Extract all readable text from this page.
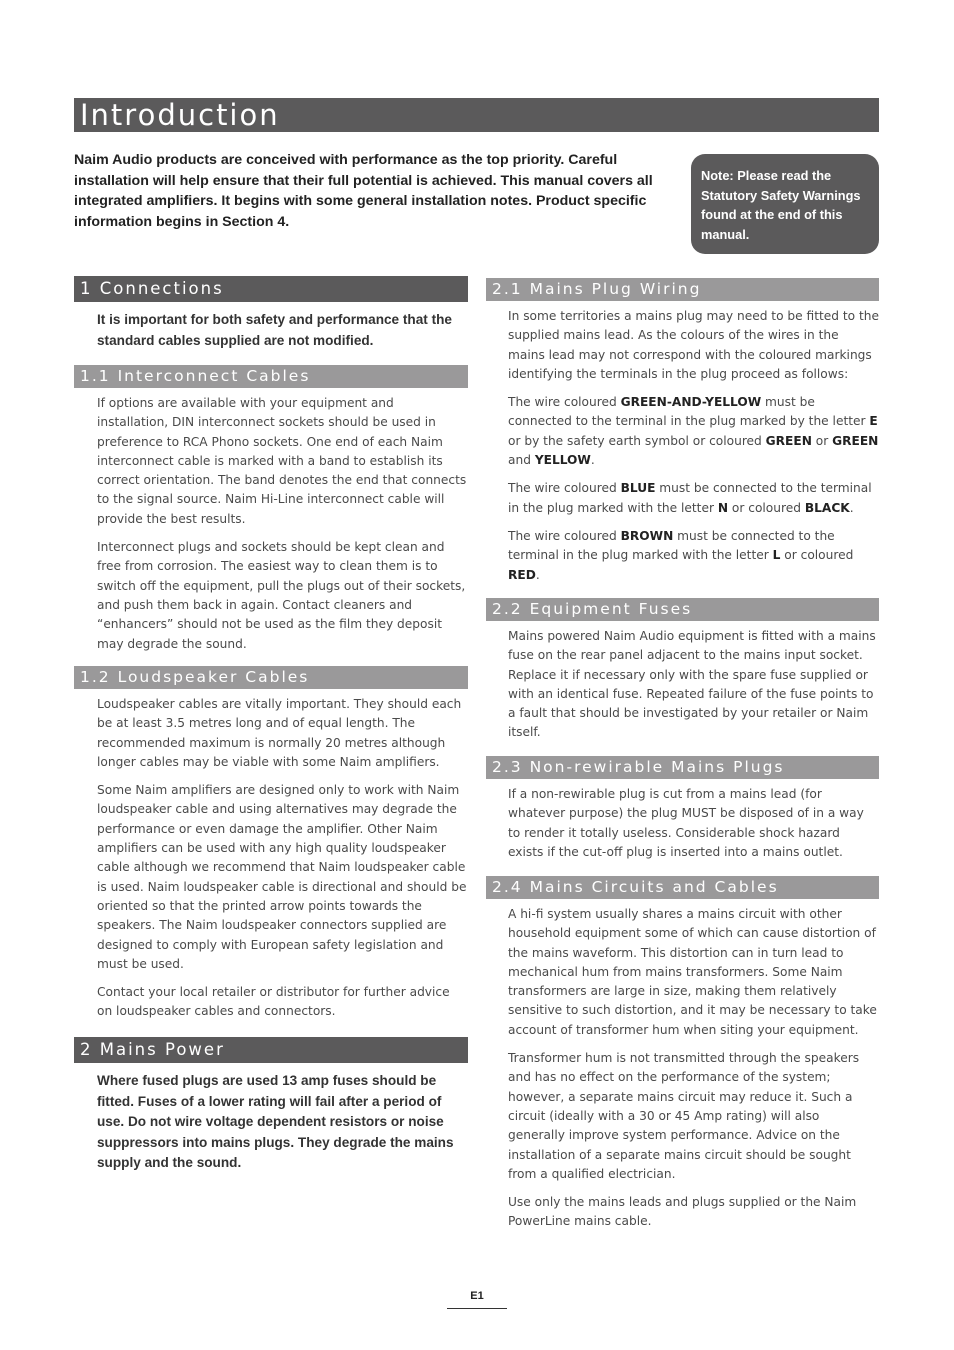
Introduction

Naim Audio products are conceived with performance as the top priority. Careful installation will help ensure that their full potential is achieved. This manual covers all integrated amplifiers. It begins with some general installation notes. Product specific information begins in Section 4.

Note: Please read the Statutory Safety Warnings found at the end of this manual.
1 Connections

It is important for both safety and performance that the standard cables supplied are not modified.

1.1 Interconnect Cables

If options are available with your equipment and installation, DIN interconnect sockets should be used in preference to RCA Phono sockets. One end of each Naim interconnect cable is marked with a band to establish its correct orientation. The band denotes the end that connects to the signal source. Naim Hi-Line interconnect cable will provide the best results.

Interconnect plugs and sockets should be kept clean and free from corrosion. The easiest way to clean them is to switch off the equipment, pull the plugs out of their sockets, and push them back in again. Contact cleaners and “enhancers” should not be used as the film they deposit may degrade the sound.

1.2 Loudspeaker Cables

Loudspeaker cables are vitally important. They should each be at least 3.5 metres long and of equal length. The recommended maximum is normally 20 metres although longer cables may be viable with some Naim amplifiers.

Some Naim amplifiers are designed only to work with Naim loudspeaker cable and using alternatives may degrade the performance or even damage the amplifier. Other Naim amplifiers can be used with any high quality loudspeaker cable although we recommend that Naim loudspeaker cable is used. Naim loudspeaker cable is directional and should be oriented so that the printed arrow points towards the speakers. The Naim loudspeaker connectors supplied are designed to comply with European safety legislation and must be used.

Contact your local retailer or distributor for further advice on loudspeaker cables and connectors.

2 Mains Power

Where fused plugs are used 13 amp fuses should be fitted. Fuses of a lower rating will fail after a period of use. Do not wire voltage dependent resistors or noise suppressors into mains plugs. They degrade the mains supply and the sound.

2.1 Mains Plug Wiring

In some territories a mains plug may need to be fitted to the supplied mains lead. As the colours of the wires in the mains lead may not correspond with the coloured markings identifying the terminals in the plug proceed as follows:

The wire coloured GREEN-AND-YELLOW must be connected to the terminal in the plug marked by the letter E or by the safety earth symbol or coloured GREEN or GREEN and YELLOW.

The wire coloured BLUE must be connected to the terminal in the plug marked with the letter N or coloured BLACK.

The wire coloured BROWN must be connected to the terminal in the plug marked with the letter L or coloured RED.

2.2 Equipment Fuses

Mains powered Naim Audio equipment is fitted with a mains fuse on the rear panel adjacent to the mains input socket. Replace it if necessary only with the spare fuse supplied or with an identical fuse. Repeated failure of the fuse points to a fault that should be investigated by your retailer or Naim itself.

2.3 Non-rewirable Mains Plugs

If a non-rewirable plug is cut from a mains lead (for whatever purpose) the plug MUST be disposed of in a way to render it totally useless. Considerable shock hazard exists if the cut-off plug is inserted into a mains outlet.

2.4 Mains Circuits and Cables

A hi-fi system usually shares a mains circuit with other household equipment some of which can cause distortion of the mains waveform. This distortion can in turn lead to mechanical hum from mains transformers. Some Naim transformers are large in size, making them relatively sensitive to such distortion, and it may be necessary to take account of transformer hum when siting your equipment.

Transformer hum is not transmitted through the speakers and has no effect on the performance of the system; however, a separate mains circuit may reduce it. Such a circuit (ideally with a 30 or 45 Amp rating) will also generally improve system performance. Advice on the installation of a separate mains circuit should be sought from a qualified electrician.

Use only the mains leads and plugs supplied or the Naim PowerLine mains cable.

E1
